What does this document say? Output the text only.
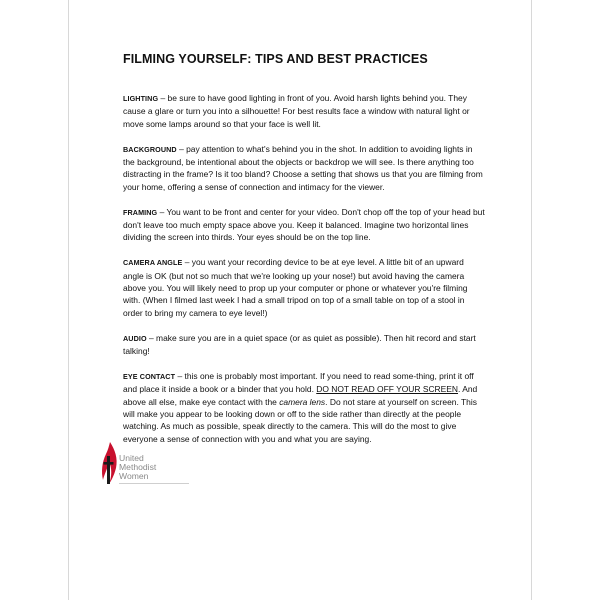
FILMING YOURSELF: TIPS AND BEST PRACTICES

LIGHTING – be sure to have good lighting in front of you. Avoid harsh lights behind you. They cause a glare or turn you into a silhouette! For best results face a window with natural light or move some lamps around so that your face is well lit.

BACKGROUND – pay attention to what's behind you in the shot. In addition to avoiding lights in the background, be intentional about the objects or backdrop we will see. Is there anything too distracting in the frame? Is it too bland? Choose a setting that shows us that you are filming from your home, offering a sense of connection and intimacy for the viewer.

FRAMING – You want to be front and center for your video. Don't chop off the top of your head but don't leave too much empty space above you. Keep it balanced. Imagine two horizontal lines dividing the screen into thirds. Your eyes should be on the top line.

CAMERA ANGLE – you want your recording device to be at eye level. A little bit of an upward angle is OK (but not so much that we're looking up your nose!) but avoid having the camera above you. You will likely need to prop up your computer or phone or whatever you're filming with. (When I filmed last week I had a small tripod on top of a small table on top of a stool in order to bring my camera to eye level!)

AUDIO – make sure you are in a quiet space (or as quiet as possible). Then hit record and start talking!

EYE CONTACT – this one is probably most important. If you need to read some-thing, print it off and place it inside a book or a binder that you hold. DO NOT READ OFF YOUR SCREEN. And above all else, make eye contact with the camera lens. Do not stare at yourself on screen. This will make you appear to be looking down or off to the side rather than directly at the people watching. As much as possible, speak directly to the camera. This will do the most to give everyone a sense of connection with you and what you are saying.

United
Methodist
Women
